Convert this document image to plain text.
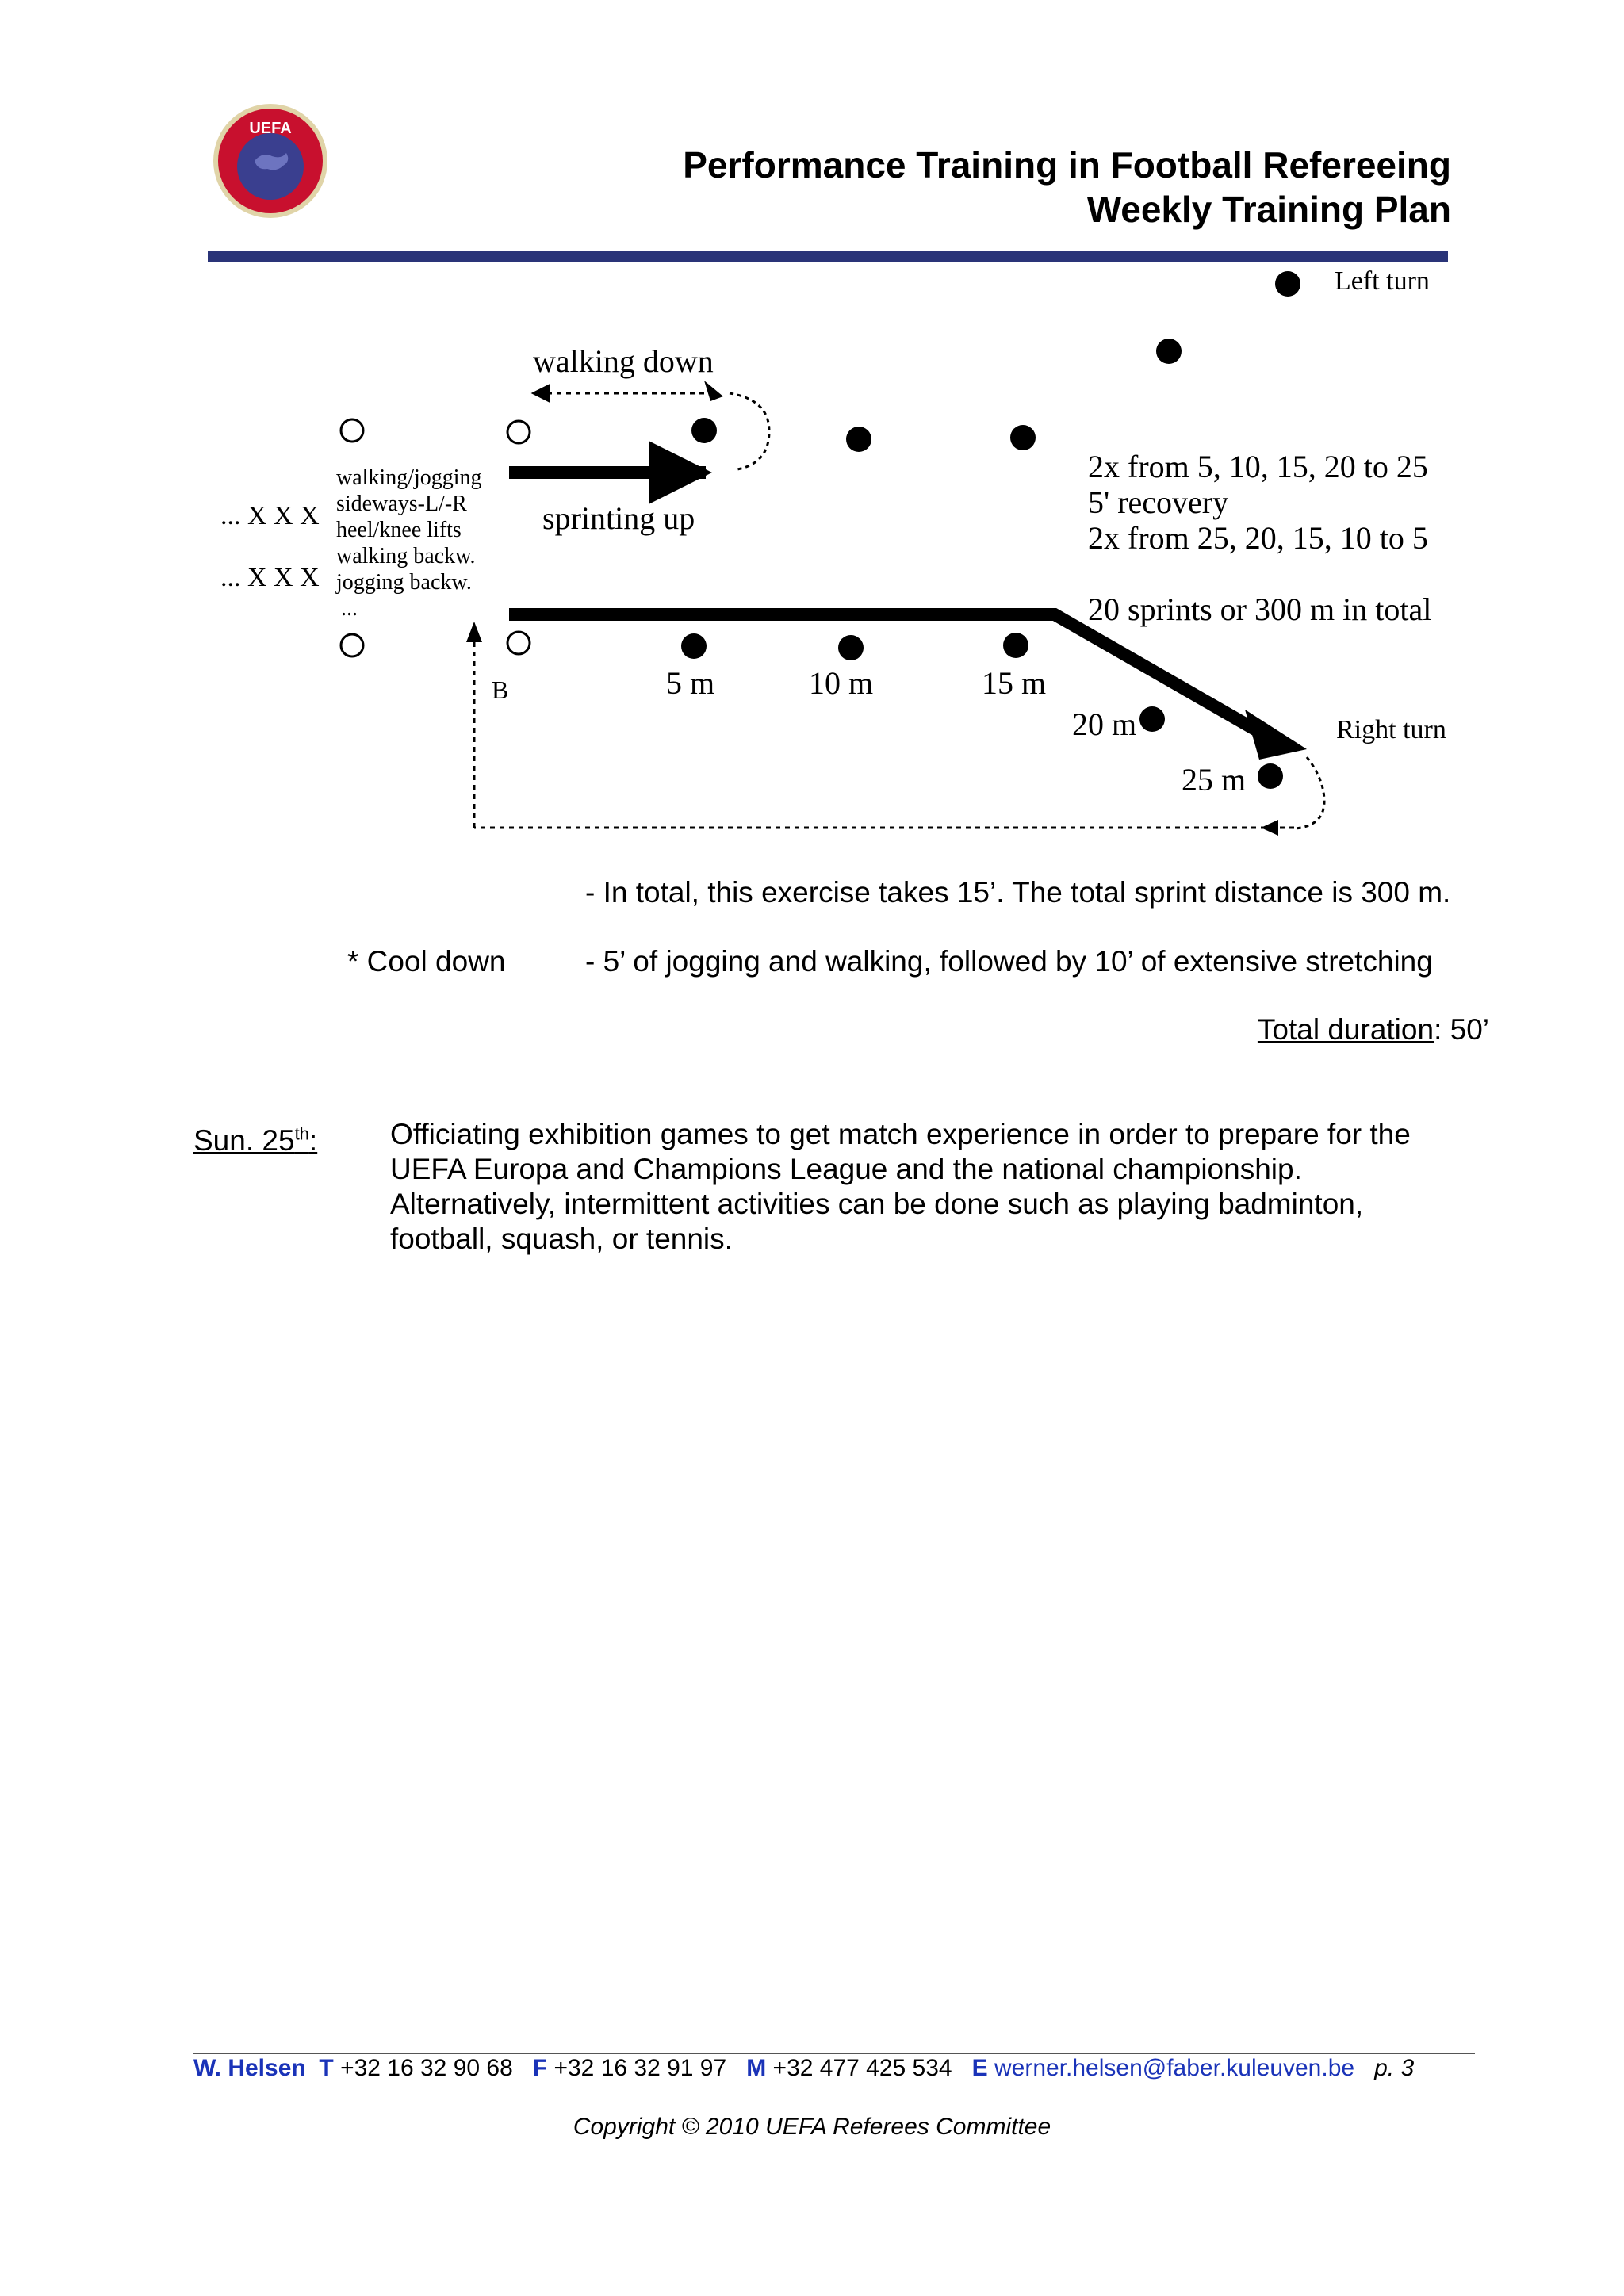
UEFA
Performance Training in Football Refereeing
Weekly Training Plan
Left turn
walking down
sprinting up
... X X X
... X X X
walking/jogging
sideways-L/-R
heel/knee lifts
walking backw.
jogging backw.
...
B	5 m	10 m	15 m
20 m
25 m
Right turn
2x from 5, 10, 15, 20 to 25
5' recovery
2x from 25, 20, 15, 10 to 5
20 sprints or 300 m in total
- In total, this exercise takes 15’. The total sprint distance is 300 m.
* Cool down	- 5’ of jogging and walking, followed by 10’ of extensive stretching
Total duration: 50’
Sun. 25th: Officiating exhibition games to get match experience in order to prepare for the
UEFA Europa and Champions League and the national championship.
Alternatively, intermittent activities can be done such as playing badminton,
football, squash, or tennis.
W. Helsen T +32 16 32 90 68 F +32 16 32 91 97 M +32 477 425 534 E werner.helsen@faber.kuleuven.be p. 3
Copyright © 2010 UEFA Referees Committee
